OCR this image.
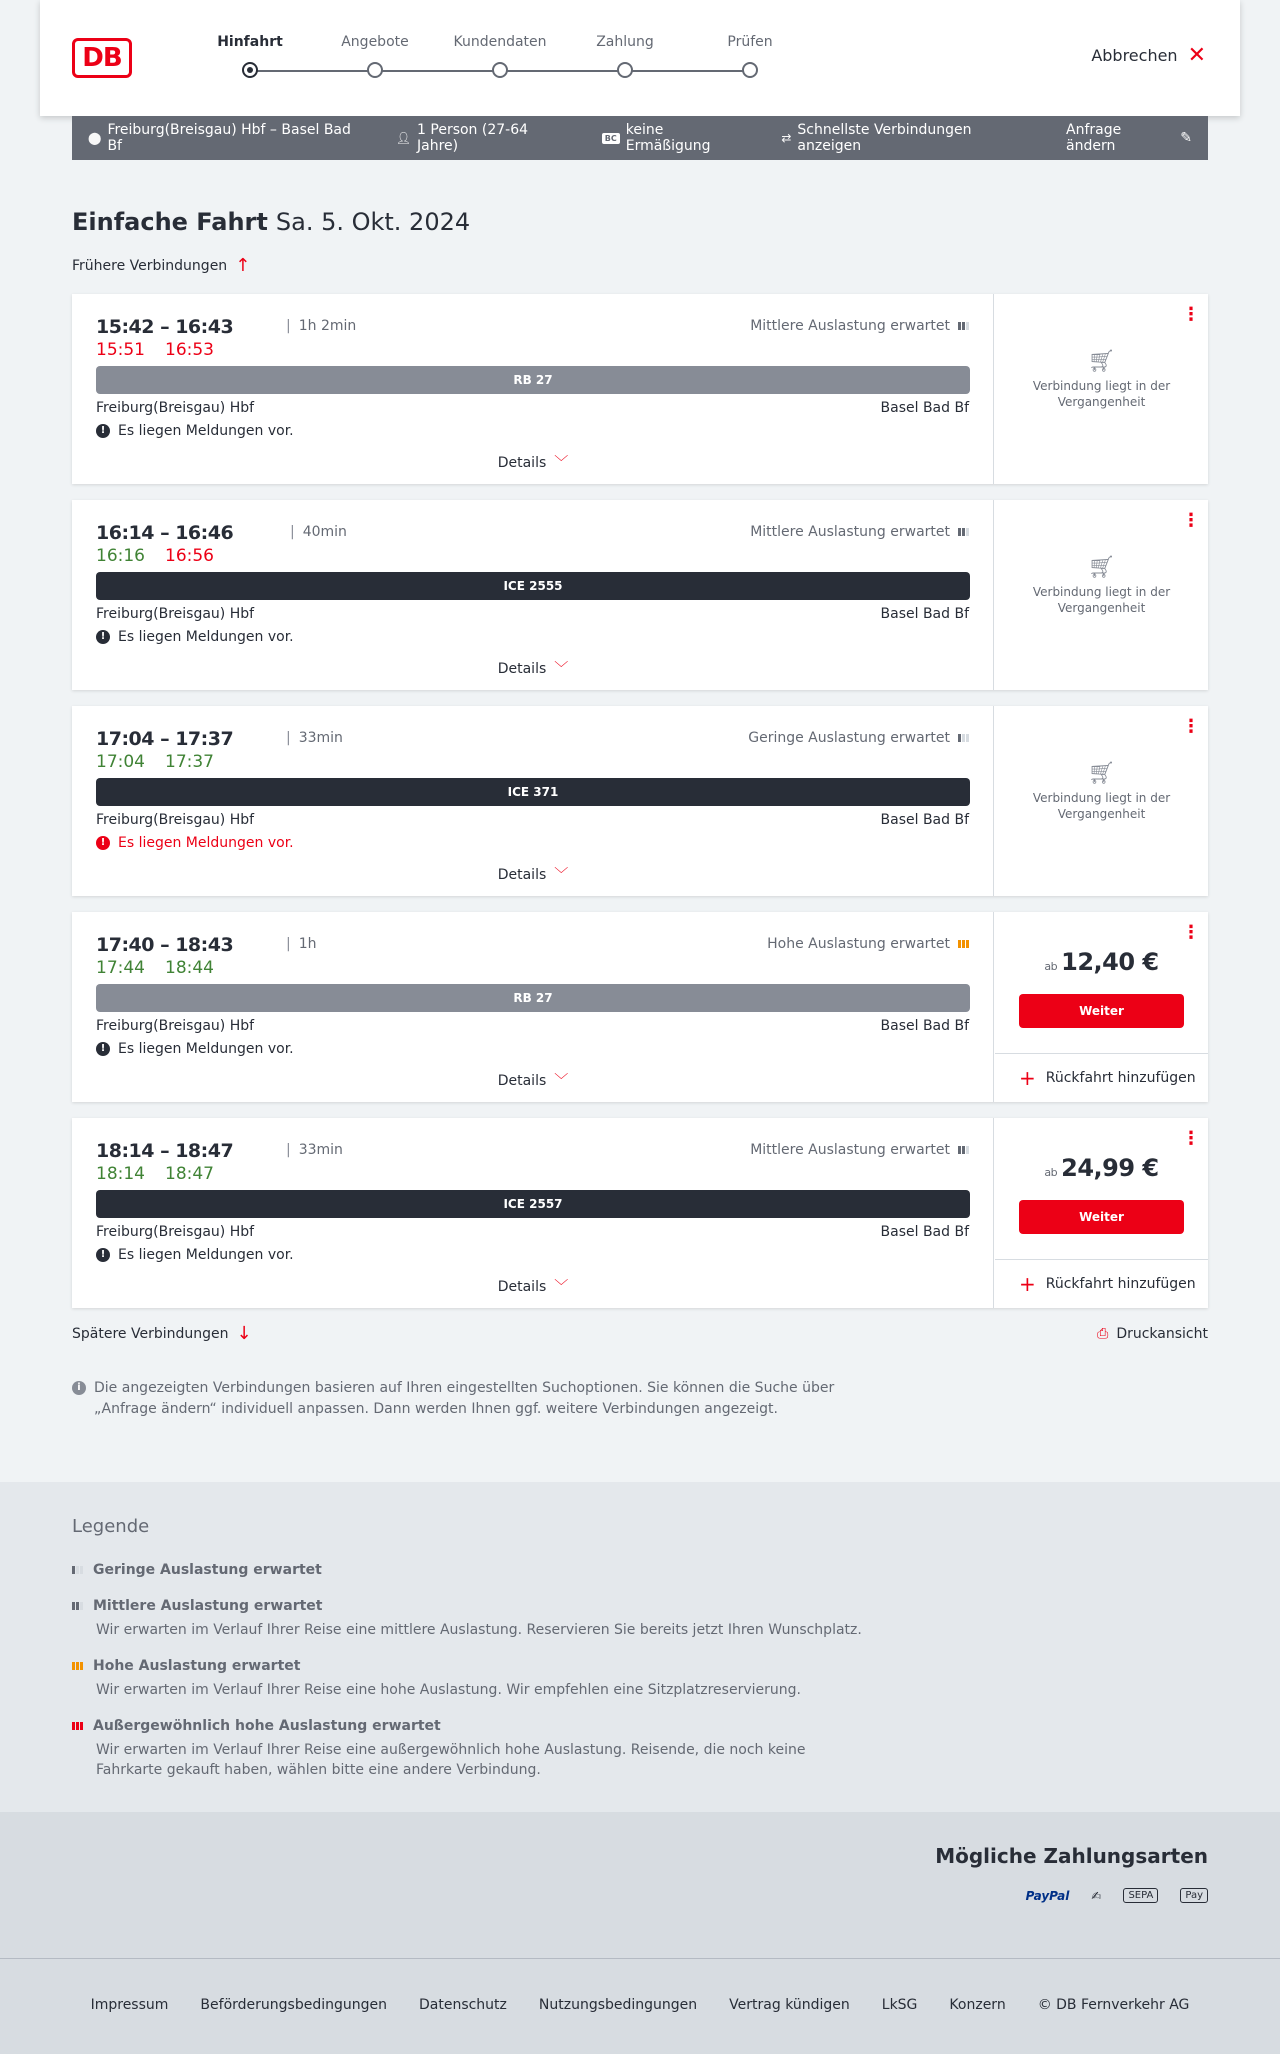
DB
Hinfahrt	Angebote	Kundendaten	Zahlung	Prüfen
Abbrechen ✕
⬤ Freiburg(Breisgau) Hbf – Basel Bad Bf	👤︎ 1 Person (27-64 Jahre)	BC keine Ermäßigung	⇄ Schnellste Verbindungen anzeigen
Anfrage ändern	✎
Einfache Fahrt Sa. 5. Okt. 2024
Frühere Verbindungen ↑
15:42 – 16:43	| 1h 2min
15:51 16:53
Mittlere Auslastung erwartet
RB 27
Freiburg(Breisgau) Hbf	Basel Bad Bf
! Es liegen Meldungen vor.
Details ﹀
⋮
🛒︎
Verbindung liegt in der Vergangenheit
16:14 – 16:46	| 40min
16:16 16:56
Mittlere Auslastung erwartet
ICE 2555
Freiburg(Breisgau) Hbf	Basel Bad Bf
! Es liegen Meldungen vor.
Details ﹀
⋮
🛒︎
Verbindung liegt in der Vergangenheit
17:04 – 17:37	| 33min
17:04 17:37
Geringe Auslastung erwartet
ICE 371
Freiburg(Breisgau) Hbf	Basel Bad Bf
! Es liegen Meldungen vor.
Details ﹀
⋮
🛒︎
Verbindung liegt in der Vergangenheit
17:40 – 18:43	| 1h
17:44 18:44
Hohe Auslastung erwartet
RB 27
Freiburg(Breisgau) Hbf	Basel Bad Bf
! Es liegen Meldungen vor.
Details ﹀
⋮
ab 12,40 €
Weiter
+ Rückfahrt hinzufügen
18:14 – 18:47	| 33min
18:14 18:47
Mittlere Auslastung erwartet
ICE 2557
Freiburg(Breisgau) Hbf	Basel Bad Bf
! Es liegen Meldungen vor.
Details ﹀
⋮
ab 24,99 €
Weiter
+ Rückfahrt hinzufügen
Spätere Verbindungen ↓	⎙ Druckansicht
i Die angezeigten Verbindungen basieren auf Ihren eingestellten Suchoptionen. Sie können die Suche über „Anfrage ändern“ individuell anpassen. Dann werden Ihnen ggf. weitere Verbindungen angezeigt.
Legende
Geringe Auslastung erwartet
Mittlere Auslastung erwartet
Wir erwarten im Verlauf Ihrer Reise eine mittlere Auslastung. Reservieren Sie bereits jetzt Ihren Wunschplatz.
Hohe Auslastung erwartet
Wir erwarten im Verlauf Ihrer Reise eine hohe Auslastung. Wir empfehlen eine Sitzplatzreservierung.
Außergewöhnlich hohe Auslastung erwartet
Wir erwarten im Verlauf Ihrer Reise eine außergewöhnlich hohe Auslastung. Reisende, die noch keine Fahrkarte gekauft haben, wählen bitte eine andere Verbindung.
Mögliche Zahlungsarten
PayPal ✍︎	SEPA	Pay
Impressum Beförderungsbedingungen Datenschutz Nutzungsbedingungen Vertrag kündigen LkSG Konzern © DB Fernverkehr AG
